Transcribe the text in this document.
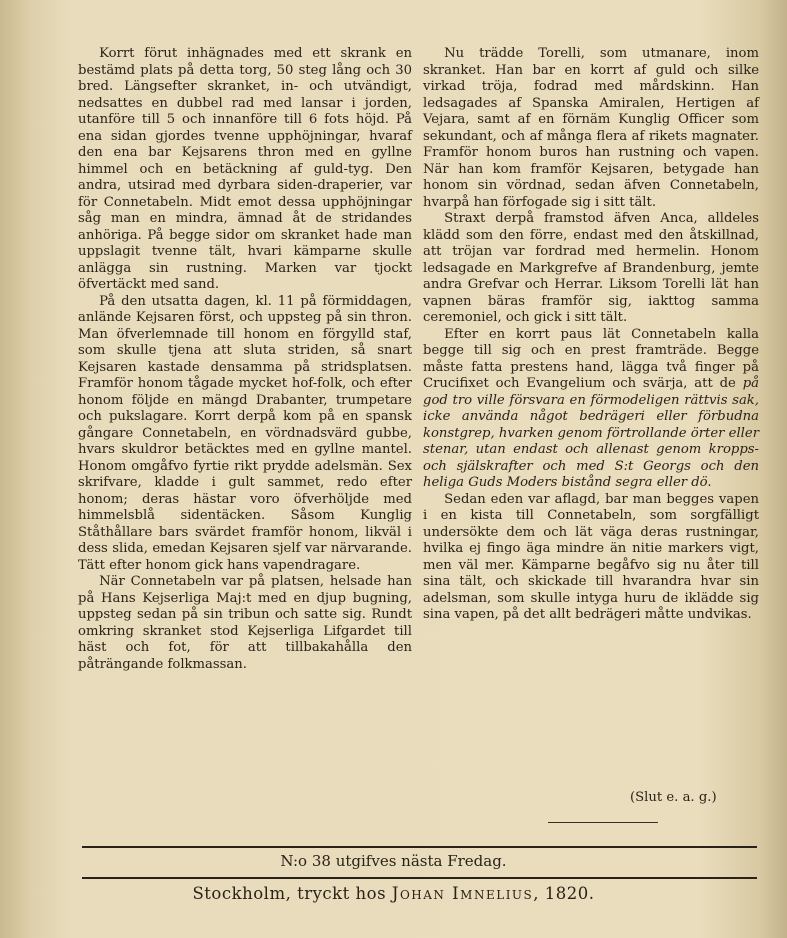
Korrt förut inhägnades med ett skrank en bestämd plats på detta torg, 50 steg lång och 30 bred. Längsefter skranket, in- och utvändigt, nedsattes en dubbel rad med lansar i jorden, utanföre till 5 och innanföre till 6 fots höjd. På ena sidan gjordes tvenne upphöjningar, hvaraf den ena bar Kejsarens thron med en gyllne himmel och en betäckning af guld-tyg. Den andra, utsirad med dyrbara siden-draperier, var för Connetabeln. Midt emot dessa upphöjningar såg man en mindra, ämnad åt de stridandes anhöriga. På begge sidor om skranket hade man uppslagit tvenne tält, hvari kämparne skulle anlägga sin rustning. Marken var tjockt öfvertäckt med sand.

På den utsatta dagen, kl. 11 på förmiddagen, anlände Kejsaren först, och uppsteg på sin thron. Man öfverlemnade till honom en förgylld staf, som skulle tjena att sluta striden, så snart Kejsaren kastade densamma på stridsplatsen. Framför honom tågade mycket hof-folk, och efter honom följde en mängd Drabanter, trumpetare och pukslagare. Korrt derpå kom på en spansk gångare Connetabeln, en vördnadsvärd gubbe, hvars skuldror betäcktes med en gyllne mantel. Honom omgåfvo fyrtie rikt prydde adelsmän. Sex skrifvare, kladde i gult sammet, redo efter honom; deras hästar voro öfverhöljde med himmelsblå sidentäcken. Såsom Kunglig Ståthållare bars svärdet framför honom, likväl i dess slida, emedan Kejsaren sjelf var närvarande. Tätt efter honom gick hans vapendragare.

När Connetabeln var på platsen, helsade han på Hans Kejserliga Maj:t med en djup bugning, uppsteg sedan på sin tribun och satte sig. Rundt omkring skranket stod Kejserliga Lifgardet till häst och fot, för att tillbakahålla den påträngande folkmassan.

Nu trädde Torelli, som utmanare, inom skranket. Han bar en korrt af guld och silke virkad tröja, fodrad med mårdskinn. Han ledsagades af Spanska Amiralen, Hertigen af Vejara, samt af en förnäm Kunglig Officer som sekundant, och af många flera af rikets magnater. Framför honom buros han rustning och vapen. När han kom framför Kejsaren, betygade han honom sin vördnad, sedan äfven Connetabeln, hvarpå han förfogade sig i sitt tält.

Straxt derpå framstod äfven Anca, alldeles klädd som den förre, endast med den åtskillnad, att tröjan var fordrad med hermelin. Honom ledsagade en Markgrefve af Brandenburg, jemte andra Grefvar och Herrar. Liksom Torelli lät han vapnen bäras framför sig, iakttog samma ceremoniel, och gick i sitt tält.

Efter en korrt paus lät Connetabeln kalla begge till sig och en prest framträde. Begge måste fatta prestens hand, lägga två finger på Crucifixet och Evangelium och svärja, att de på god tro ville försvara en förmodeligen rättvis sak, icke använda något bedrägeri eller förbudna konstgrep, hvarken genom förtrollande örter eller stenar, utan endast och allenast genom kropps- och själskrafter och med S:t Georgs och den heliga Guds Moders bistånd segra eller dö.

Sedan eden var aflagd, bar man begges vapen i en kista till Connetabeln, som sorgfälligt undersökte dem och lät väga deras rustningar, hvilka ej fingo äga mindre än nitie markers vigt, men väl mer. Kämparne begåfvo sig nu åter till sina tält, och skickade till hvarandra hvar sin adelsman, som skulle intyga huru de iklädde sig sina vapen, på det allt bedrägeri måtte undvikas.

(Slut e. a. g.)
N:o 38 utgifves nästa Fredag.
Stockholm, tryckt hos Johan Imnelius, 1820.
